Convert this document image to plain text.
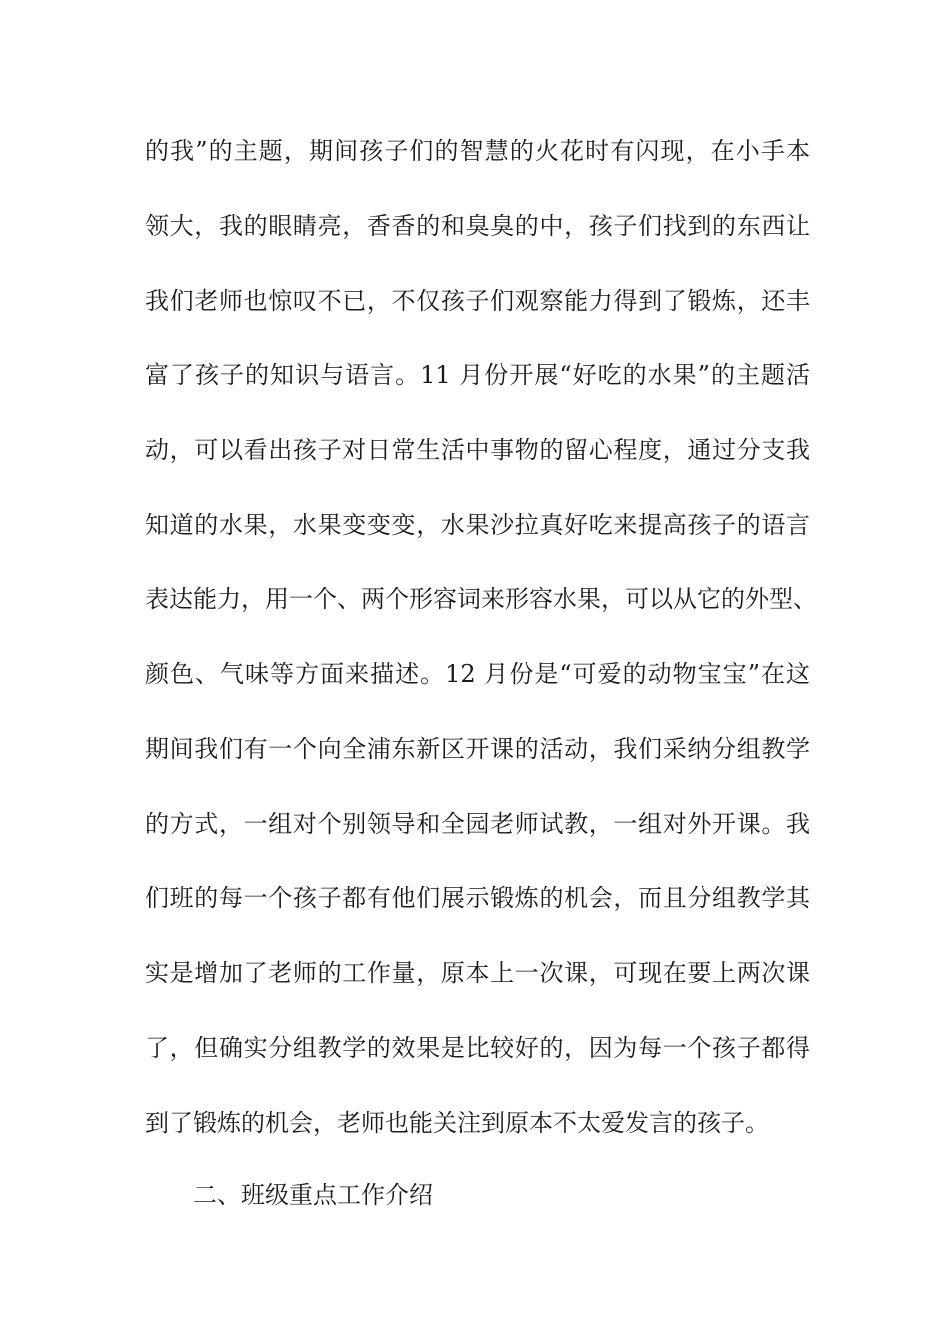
的我”的主题，期间孩子们的智慧的火花时有闪现，在小手本
领大，我的眼睛亮，香香的和臭臭的中，孩子们找到的东西让
我们老师也惊叹不已，不仅孩子们观察能力得到了锻炼，还丰
富了孩子的知识与语言。11 月份开展“好吃的水果”的主题活
动，可以看出孩子对日常生活中事物的留心程度，通过分支我
知道的水果，水果变变变，水果沙拉真好吃来提高孩子的语言
表达能力，用一个、两个形容词来形容水果，可以从它的外型、
颜色、气味等方面来描述。12 月份是“可爱的动物宝宝”在这
期间我们有一个向全浦东新区开课的活动，我们采纳分组教学
的方式，一组对个别领导和全园老师试教，一组对外开课。我
们班的每一个孩子都有他们展示锻炼的机会，而且分组教学其
实是增加了老师的工作量，原本上一次课，可现在要上两次课
了，但确实分组教学的效果是比较好的，因为每一个孩子都得
到了锻炼的机会，老师也能关注到原本不太爱发言的孩子。
二、班级重点工作介绍
